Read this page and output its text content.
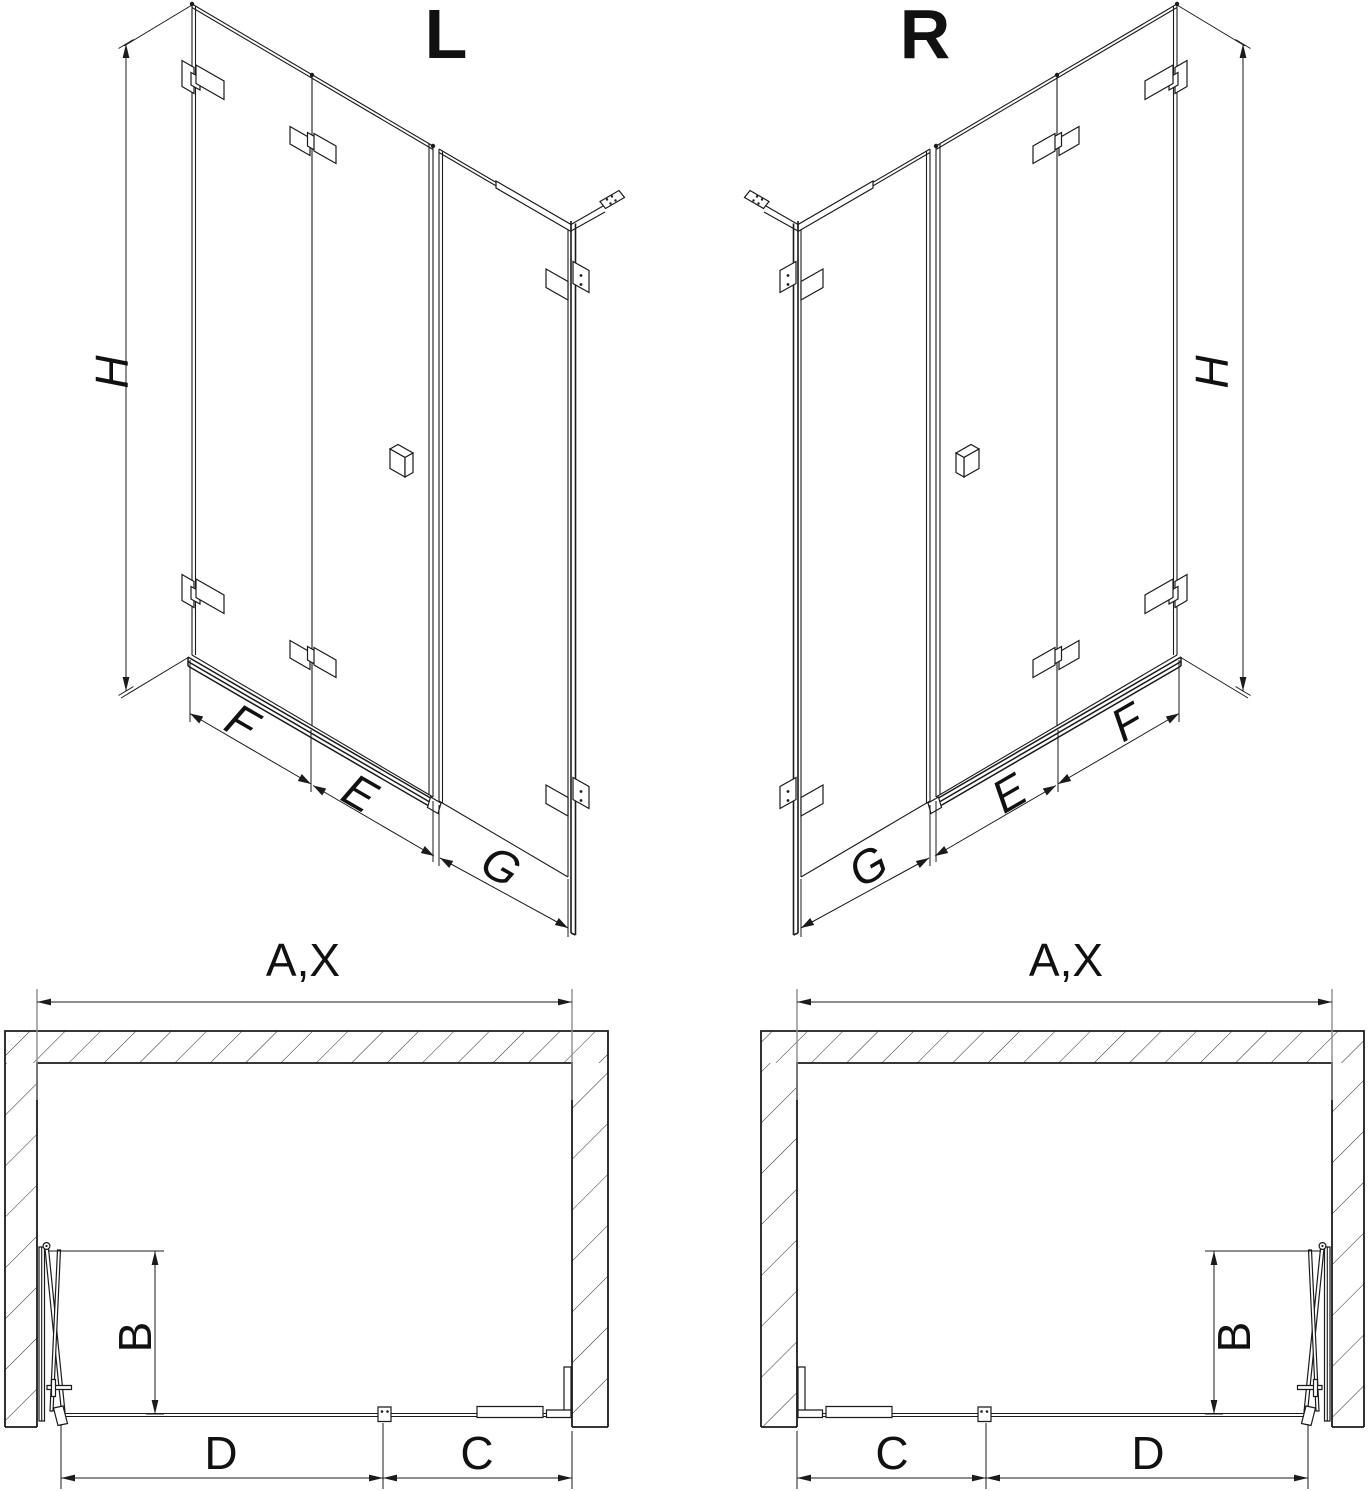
L
H
F
E
G
R
H
F
E
G
A,X
B
D	C
A,X
B
D
C
